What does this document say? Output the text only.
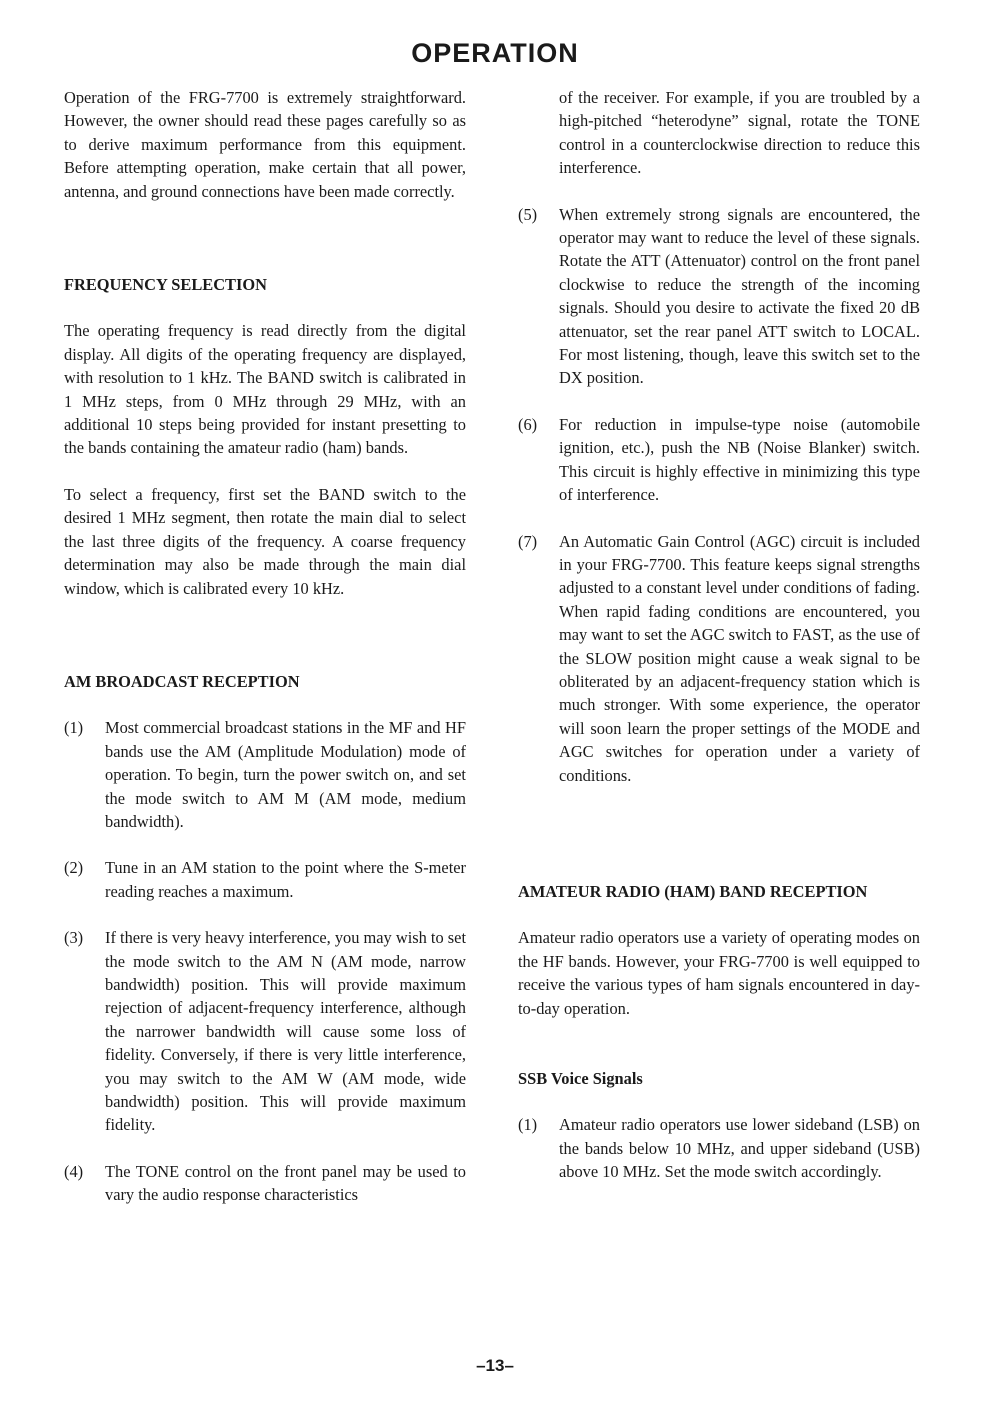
OPERATION

Operation of the FRG-7700 is extremely straightforward. However, the owner should read these pages carefully so as to derive maximum performance from this equipment. Before attempting operation, make certain that all power, antenna, and ground connections have been made correctly.

FREQUENCY SELECTION

The operating frequency is read directly from the digital display. All digits of the operating frequency are displayed, with resolution to 1 kHz. The BAND switch is calibrated in 1 MHz steps, from 0 MHz through 29 MHz, with an additional 10 steps being provided for instant presetting to the bands containing the amateur radio (ham) bands.

To select a frequency, first set the BAND switch to the desired 1 MHz segment, then rotate the main dial to select the last three digits of the frequency. A coarse frequency determination may also be made through the main dial window, which is calibrated every 10 kHz.

AM BROADCAST RECEPTION
(1)	Most commercial broadcast stations in the MF and HF bands use the AM (Amplitude Modulation) mode of operation. To begin, turn the power switch on, and set the mode switch to AM M (AM mode, medium bandwidth).
(2)	Tune in an AM station to the point where the S-meter reading reaches a maximum.
(3)	If there is very heavy interference, you may wish to set the mode switch to the AM N (AM mode, narrow bandwidth) position. This will provide maximum rejection of adjacent-frequency interference, although the narrower bandwidth will cause some loss of fidelity. Conversely, if there is very little interference, you may switch to the AM W (AM mode, wide bandwidth) position. This will provide maximum fidelity.
(4)	The TONE control on the front panel may be used to vary the audio response characteristics

of the receiver. For example, if you are troubled by a high-pitched “heterodyne” signal, rotate the TONE control in a counterclockwise direction to reduce this interference.

(5)	When extremely strong signals are encountered, the operator may want to reduce the level of these signals. Rotate the ATT (Attenuator) control on the front panel clockwise to reduce the strength of the incoming signals. Should you desire to activate the fixed 20 dB attenuator, set the rear panel ATT switch to LOCAL. For most listening, though, leave this switch set to the DX position.
(6)	For reduction in impulse-type noise (automobile ignition, etc.), push the NB (Noise Blanker) switch. This circuit is highly effective in minimizing this type of interference.
(7)	An Automatic Gain Control (AGC) circuit is included in your FRG-7700. This feature keeps signal strengths adjusted to a constant level under conditions of fading. When rapid fading conditions are encountered, you may want to set the AGC switch to FAST, as the use of the SLOW position might cause a weak signal to be obliterated by an adjacent-frequency station which is much stronger. With some experience, the operator will soon learn the proper settings of the MODE and AGC switches for operation under a variety of conditions.
AMATEUR RADIO (HAM) BAND RECEPTION

Amateur radio operators use a variety of operating modes on the HF bands. However, your FRG-7700 is well equipped to receive the various types of ham signals encountered in day-to-day operation.

SSB Voice Signals
(1)	Amateur radio operators use lower sideband (LSB) on the bands below 10 MHz, and upper sideband (USB) above 10 MHz. Set the mode switch accordingly.
–13–
